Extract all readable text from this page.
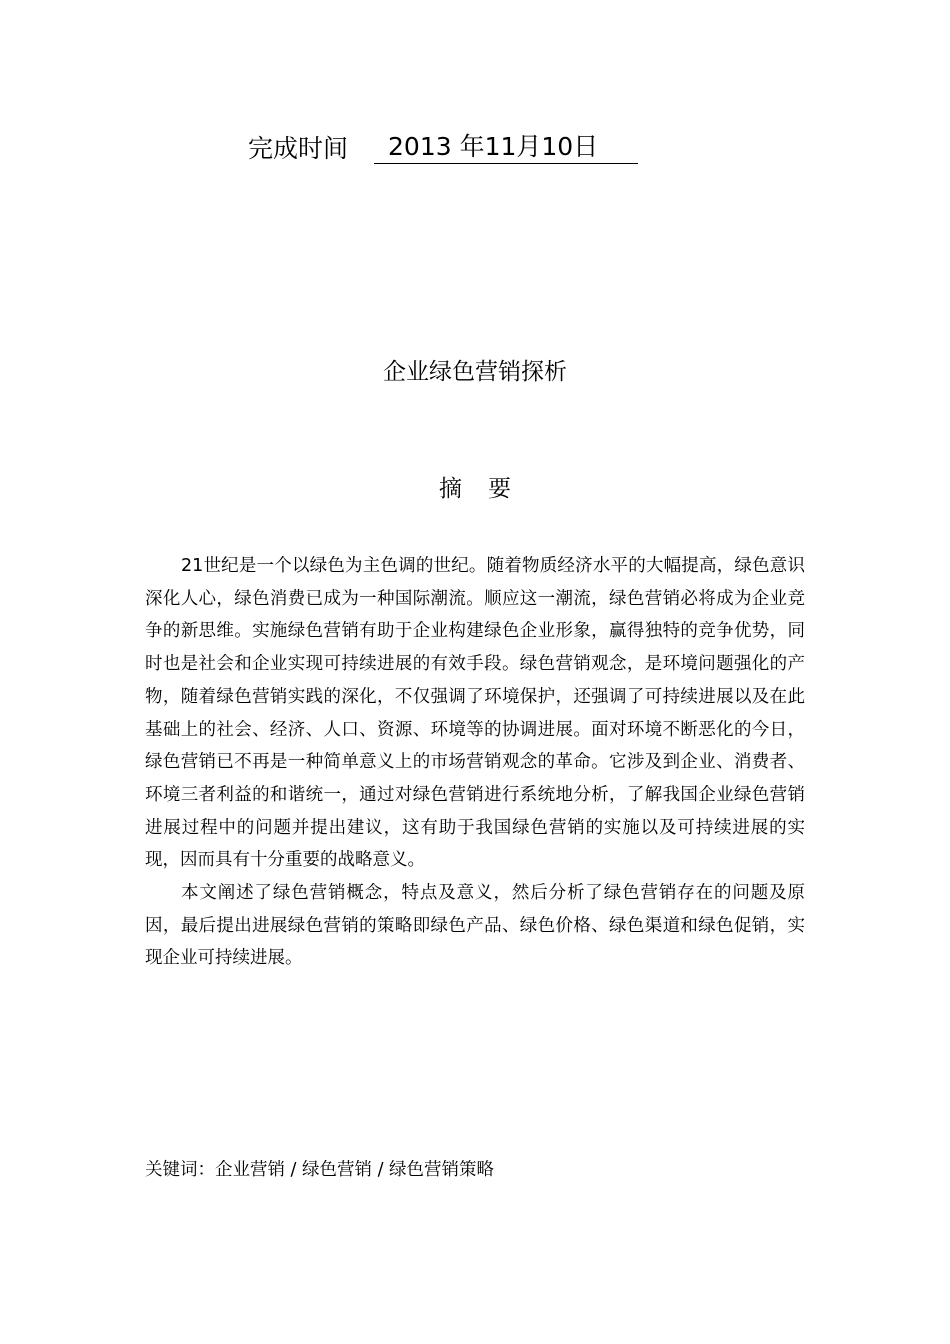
完成时间 2013 年11月10日
企业绿色营销探析
摘要

21世纪是一个以绿色为主色调的世纪。随着物质经济水平的大幅提高，绿色意识深化人心，绿色消费已成为一种国际潮流。顺应这一潮流，绿色营销必将成为企业竞争的新思维。实施绿色营销有助于企业构建绿色企业形象，赢得独特的竞争优势，同时也是社会和企业实现可持续进展的有效手段。绿色营销观念，是环境问题强化的产物，随着绿色营销实践的深化，不仅强调了环境保护，还强调了可持续进展以及在此基础上的社会、经济、人口、资源、环境等的协调进展。面对环境不断恶化的今日，绿色营销已不再是一种简单意义上的市场营销观念的革命。它涉及到企业、消费者、环境三者利益的和谐统一，通过对绿色营销进行系统地分析，了解我国企业绿色营销进展过程中的问题并提出建议，这有助于我国绿色营销的实施以及可持续进展的实现，因而具有十分重要的战略意义。

本文阐述了绿色营销概念，特点及意义，然后分析了绿色营销存在的问题及原因，最后提出进展绿色营销的策略即绿色产品、绿色价格、绿色渠道和绿色促销，实现企业可持续进展。

关键词：企业营销 / 绿色营销 / 绿色营销策略
